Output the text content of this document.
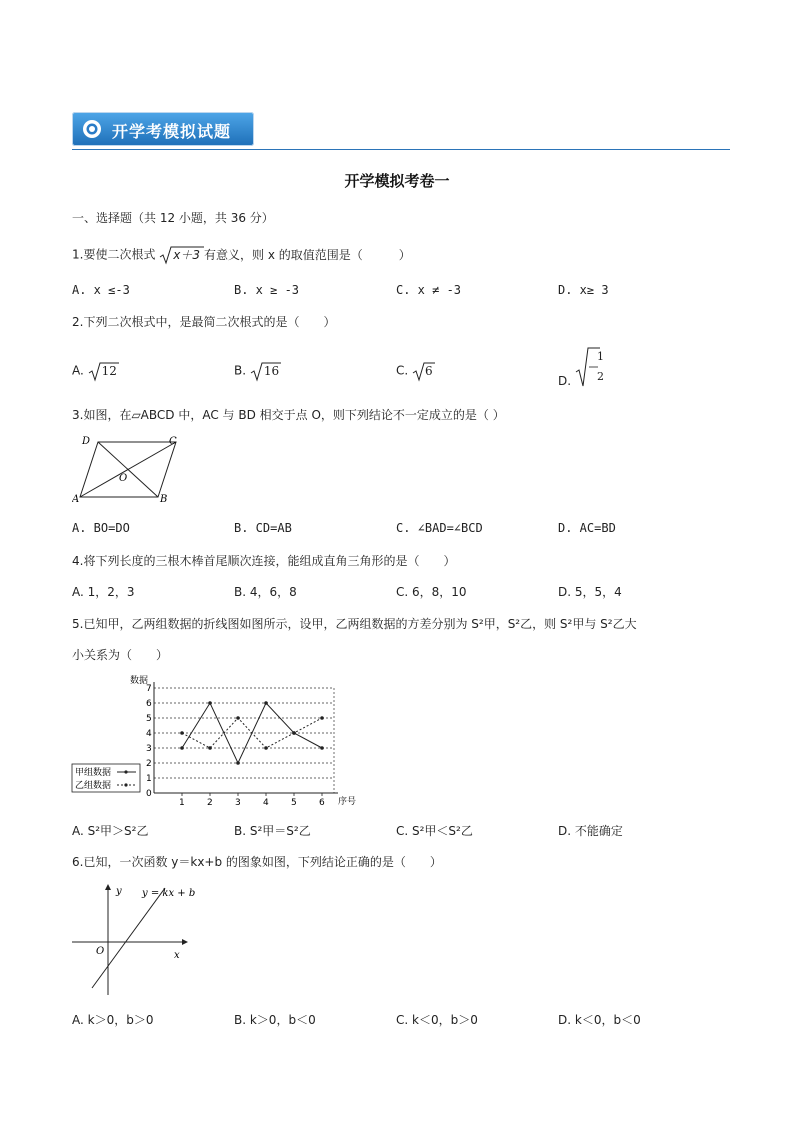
开学考模拟试题
开学模拟考卷一
一、选择题（共 12 小题，共 36 分）
1.要使二次根式 x＋3 有意义，则 x 的取值范围是（　　　）
A. x ≤-3	B. x ≥ -3	C. x ≠ -3	D. x≥ 3
2.下列二次根式中，是最简二次根式的是（　　）
A. 12	B. 16	C. 6
D.
1
2
3.如图，在▱ABCD 中，AC 与 BD 相交于点 O，则下列结论不一定成立的是（ ）
A	B
C
D
O
A. BO=DO	B. CD=AB	C. ∠BAD=∠BCD	D. AC=BD
4.将下列长度的三根木棒首尾顺次连接，能组成直角三角形的是（　　）
A. 1，2，3	B. 4，6，8	C. 6，8，10	D. 5，5，4
5.已知甲，乙两组数据的折线图如图所示，设甲，乙两组数据的方差分别为 S²甲，S²乙，则 S²甲与 S²乙大
小关系为（　　）
0
1
2
3
4
5
6
7
1 2 3 4 5 6
数据
序号
甲组数据
乙组数据
A. S²甲＞S²乙	B. S²甲＝S²乙	C. S²甲＜S²乙	D. 不能确定
6.已知，一次函数 y＝kx+b 的图象如图，下列结论正确的是（　　）
y
x
O
y = kx + b
A. k＞0，b＞0	B. k＞0，b＜0	C. k＜0，b＞0	D. k＜0，b＜0
